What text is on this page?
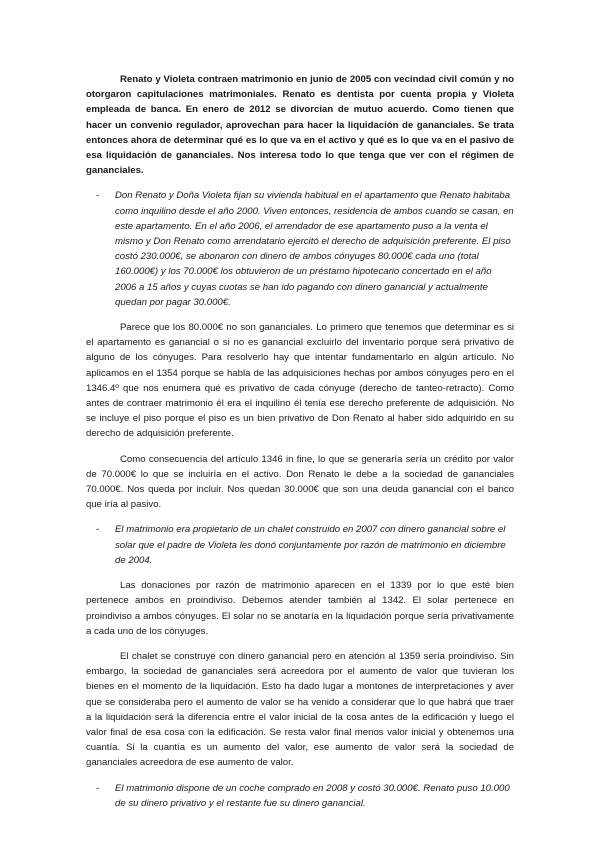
Renato y Violeta contraen matrimonio en junio de 2005 con vecindad civil común y no otorgaron capitulaciones matrimoniales. Renato es dentista por cuenta propia y Violeta empleada de banca. En enero de 2012 se divorcian de mutuo acuerdo. Como tienen que hacer un convenio regulador, aprovechan para hacer la liquidación de gananciales. Se trata entonces ahora de determinar qué es lo que va en el activo y qué es lo que va en el pasivo de esa liquidación de gananciales. Nos interesa todo lo que tenga que ver con el régimen de gananciales.

- Don Renato y Doña Violeta fijan su vivienda habitual en el apartamento que Renato habitaba como inquilino desde el año 2000. Viven entonces, residencia de ambos cuando se casan, en este apartamento. En el año 2006, el arrendador de ese apartamento puso a la venta el mismo y Don Renato como arrendatario ejercitó el derecho de adquisición preferente. El piso costó 230.000€, se abonaron con dinero de ambos cónyuges 80.000€ cada uno (total 160.000€) y los 70.000€ los obtuvieron de un préstamo hipotecario concertado en el año 2006 a 15 años y cuyas cuotas se han ido pagando con dinero ganancial y actualmente quedan por pagar 30.000€.

Parece que los 80.000€ no son gananciales. Lo primero que tenemos que determinar es si el apartamento es ganancial o si no es ganancial excluirlo del inventario porque será privativo de alguno de los cónyuges. Para resolverlo hay que intentar fundamentarlo en algún artículo. No aplicamos en el 1354 porque se habla de las adquisiciones hechas por ambos cónyuges pero en el 1346.4º que nos enumera qué es privativo de cada cónyuge (derecho de tanteo-retracto). Como antes de contraer matrimonio él era el inquilino él tenía ese derecho preferente de adquisición. No se incluye el piso porque el piso es un bien privativo de Don Renato al haber sido adquirido en su derecho de adquisición preferente.

Como consecuencia del artículo 1346 in fine, lo que se generaría sería un crédito por valor de 70.000€ lo que se incluiría en el activo. Don Renato le debe a la sociedad de gananciales 70.000€. Nos queda por incluir. Nos quedan 30.000€ que son una deuda ganancial con el banco que iría al pasivo.

- El matrimonio era propietario de un chalet construido en 2007 con dinero ganancial sobre el solar que el padre de Violeta les donó conjuntamente por razón de matrimonio en diciembre de 2004.

Las donaciones por razón de matrimonio aparecen en el 1339 por lo que esté bien pertenece ambos en proindiviso. Debemos atender también al 1342. El solar pertenece en proindiviso a ambos cónyuges. El solar no se anotaría en la liquidación porque sería privativamente a cada uno de los cónyuges.

El chalet se construye con dinero ganancial pero en atención al 1359 sería proindiviso. Sin embargo, la sociedad de gananciales será acreedora por el aumento de valor que tuvieran los bienes en el momento de la liquidación. Esto ha dado lugar a montones de interpretaciones y aver que se consideraba pero el aumento de valor se ha venido a considerar que lo que habrá que traer a la liquidación será la diferencia entre el valor inicial de la cosa antes de la edificación y luego el valor final de esa cosa con la edificación. Se resta valor final menos valor inicial y obtenemos una cuantía. Si la cuantía es un aumento del valor, ese aumento de valor será la sociedad de gananciales acreedora de ese aumento de valor.

- El matrimonio dispone de un coche comprado en 2008 y costó 30.000€. Renato puso 10.000 de su dinero privativo y el restante fue su dinero ganancial.
